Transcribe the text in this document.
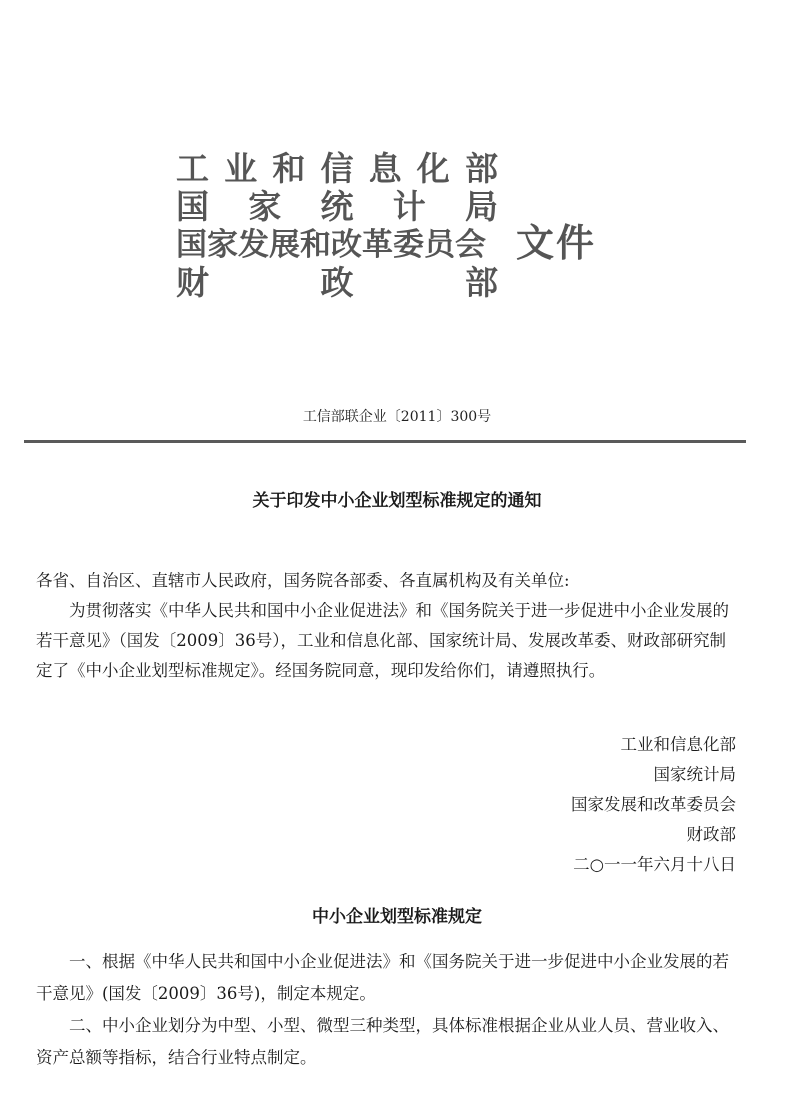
工 业 和 信 息 化 部
国 家 统 计 局
国家发展和改革委员会
财	政	部
文件
工信部联企业〔2011〕300号
关于印发中小企业划型标准规定的通知

各省、自治区、直辖市人民政府，国务院各部委、各直属机构及有关单位:

为贯彻落实《中华人民共和国中小企业促进法》和《国务院关于进一步促进中小企业发展的若干意见》（国发〔2009〕36号），工业和信息化部、国家统计局、发展改革委、财政部研究制定了《中小企业划型标准规定》。经国务院同意，现印发给你们，请遵照执行。

工业和信息化部
国家统计局
国家发展和改革委员会
财政部
二○一一年六月十八日
中小企业划型标准规定

一、根据《中华人民共和国中小企业促进法》和《国务院关于进一步促进中小企业发展的若干意见》(国发〔2009〕36号)，制定本规定。

二、中小企业划分为中型、小型、微型三种类型，具体标准根据企业从业人员、营业收入、资产总额等指标，结合行业特点制定。
